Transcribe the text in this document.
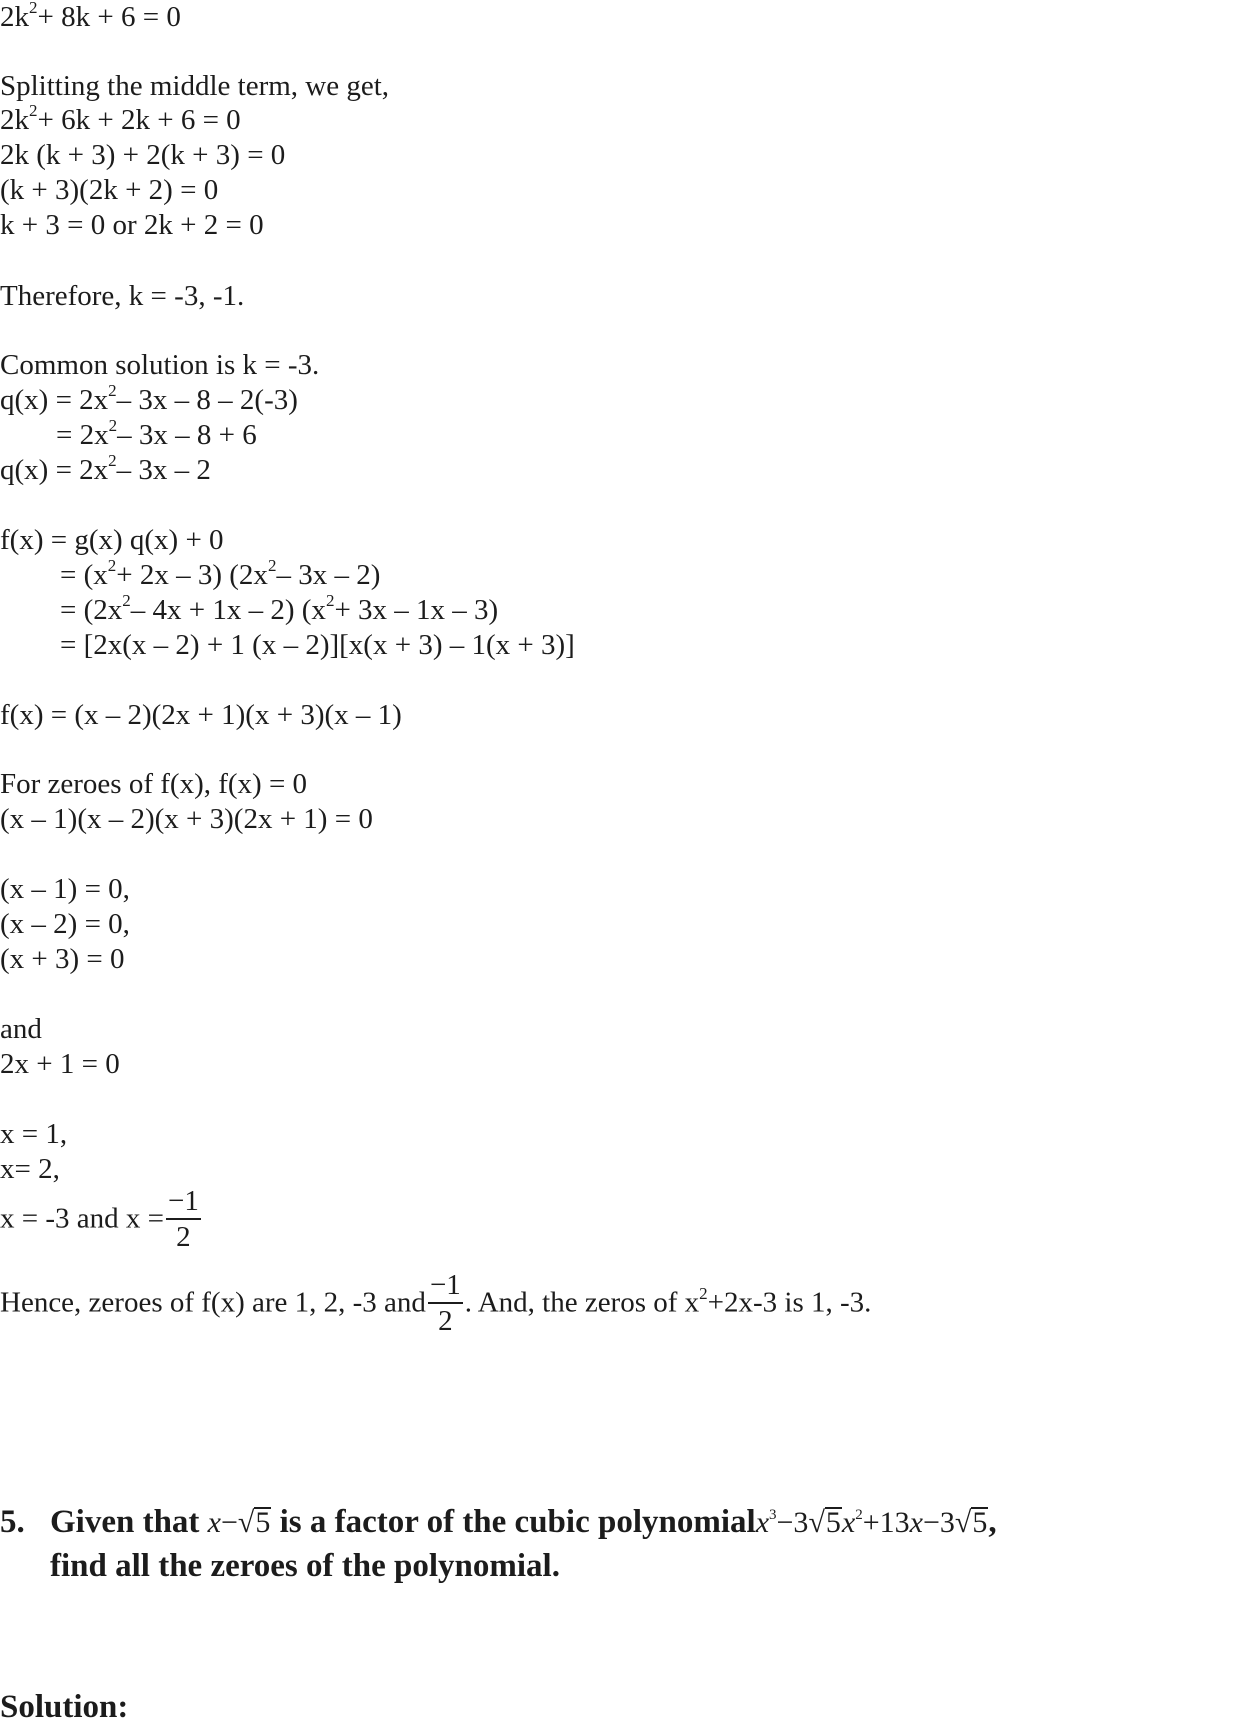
$2k^2+ 8k + 6 = 0$
Splitting the middle term, we get,
$2k^2+ 6k + 2k + 6 = 0$
2k (k + 3) + 2(k + 3) = 0
(k + 3)(2k + 2) = 0
k + 3 = 0 or 2k + 2 = 0
Therefore, k = -3, -1.
Common solution is k = -3.
$q(x) = 2x^2-$ 3x – 8 – 2(-3)
= $2x^2-$ 3x – 8 + 6
$q(x) = 2x^2-$ 3x – 2
f(x) = g(x) q(x) + 0
= $(x^2+ 2x - 3)$ ($2x^2-$ 3x – 2)
= ($2x^2-$ 4x + 1x – 2) $(x^2+ 3x - 1x - 3)$
= [2x(x – 2) + 1 (x – 2)][x(x + 3) – 1(x + 3)]
f(x) = (x – 2)(2x + 1)(x + 3)(x – 1)
For zeroes of f(x), f(x) = 0
(x – 1)(x – 2)(x + 3)(2x + 1) = 0
(x – 1) = 0,
(x – 2) = 0,
(x + 3) = 0
and
2x + 1 = 0
x = 1,
x= 2,
x = -3 and $x = \frac{-1}{2}$
Hence, zeroes of f(x) are 1, 2, -3 and $\frac{-1}{2}$ . And, the zeros of $x^2+2x-3$ is 1, -3.
5. Given that x−√5 is a factor of the cubic $polynomialx^3-3√5x^2+13x-3√5$,
find all the zeroes of the polynomial.
Solution:
